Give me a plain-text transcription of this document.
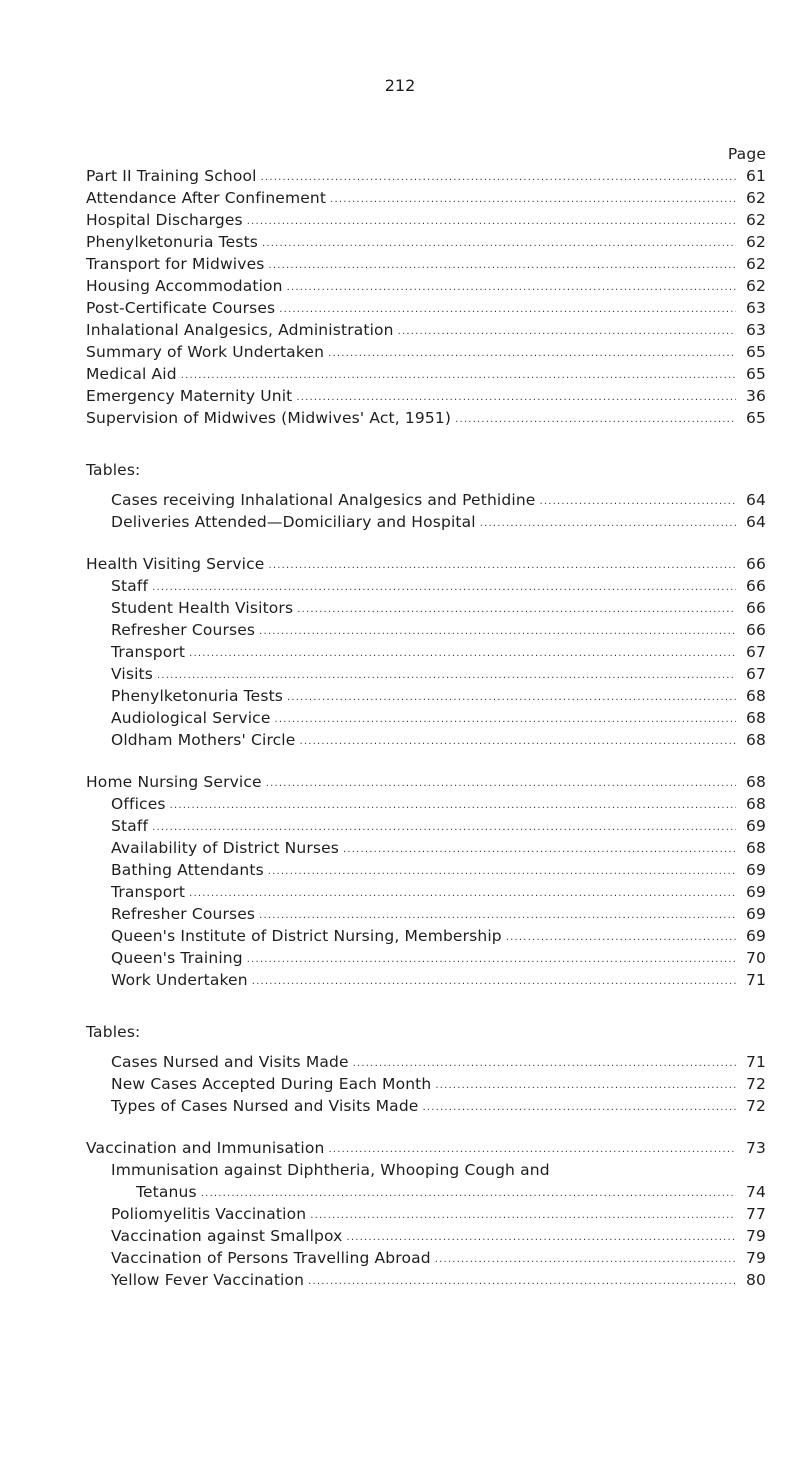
212
Page
Part II Training School .....	61
Attendance After Confinement .....	62
Hospital Discharges .....	62
Phenylketonuria Tests .....	62
Transport for Midwives .....	62
Housing Accommodation .....	62
Post-Certificate Courses .....	63
Inhalational Analgesics, Administration .....	63
Summary of Work Undertaken .....	65
Medical Aid .....	65
Emergency Maternity Unit .....	36
Supervision of Midwives (Midwives' Act, 1951) .....	65
Tables:
Cases receiving Inhalational Analgesics and Pethidine .....	64
Deliveries Attended—Domiciliary and Hospital .....	64
Health Visiting Service .....	66
Staff .....	66
Student Health Visitors .....	66
Refresher Courses .....	66
Transport .....	67
Visits .....	67
Phenylketonuria Tests .....	68
Audiological Service .....	68
Oldham Mothers' Circle .....	68
Home Nursing Service .....	68
Offices .....	68
Staff .....	69
Availability of District Nurses .....	68
Bathing Attendants .....	69
Transport .....	69
Refresher Courses .....	69
Queen's Institute of District Nursing, Membership .....	69
Queen's Training .....	70
Work Undertaken .....	71
Tables:
Cases Nursed and Visits Made .....	71
New Cases Accepted During Each Month .....	72
Types of Cases Nursed and Visits Made .....	72
Vaccination and Immunisation .....	73
Immunisation against Diphtheria, Whooping Cough and
Tetanus .....	74
Poliomyelitis Vaccination .....	77
Vaccination against Smallpox .....	79
Vaccination of Persons Travelling Abroad .....	79
Yellow Fever Vaccination .....	80
